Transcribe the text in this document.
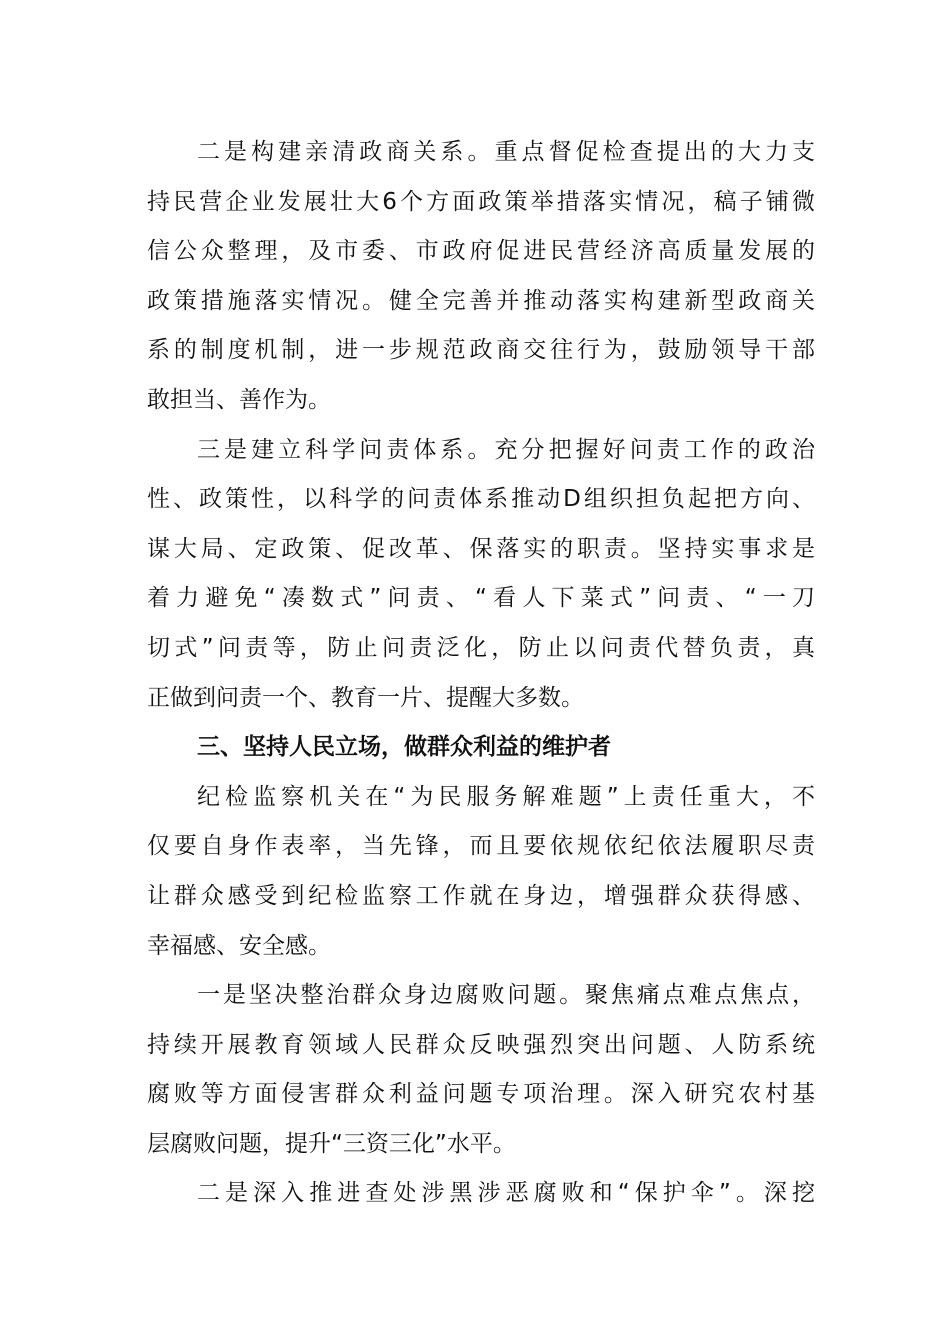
二是构建亲清政商关系。重点督促检查提出的大力支
持民营企业发展壮大6个方面政策举措落实情况，稿子铺微
信公众整理，及市委、市政府促进民营经济高质量发展的
政策措施落实情况。健全完善并推动落实构建新型政商关
系的制度机制，进一步规范政商交往行为，鼓励领导干部
敢担当、善作为。
三是建立科学问责体系。充分把握好问责工作的政治
性、政策性，以科学的问责体系推动D组织担负起把方向、
谋大局、定政策、促改革、保落实的职责。坚持实事求是
着力避免“凑数式”问责、“看人下菜式”问责、“一刀
切式”问责等，防止问责泛化，防止以问责代替负责，真
正做到问责一个、教育一片、提醒大多数。
三、坚持人民立场，做群众利益的维护者
纪检监察机关在“为民服务解难题”上责任重大，不
仅要自身作表率，当先锋，而且要依规依纪依法履职尽责
让群众感受到纪检监察工作就在身边，增强群众获得感、
幸福感、安全感。
一是坚决整治群众身边腐败问题。聚焦痛点难点焦点，
持续开展教育领域人民群众反映强烈突出问题、人防系统
腐败等方面侵害群众利益问题专项治理。深入研究农村基
层腐败问题，提升“三资三化”水平。
二是深入推进查处涉黑涉恶腐败和“保护伞”。深挖
